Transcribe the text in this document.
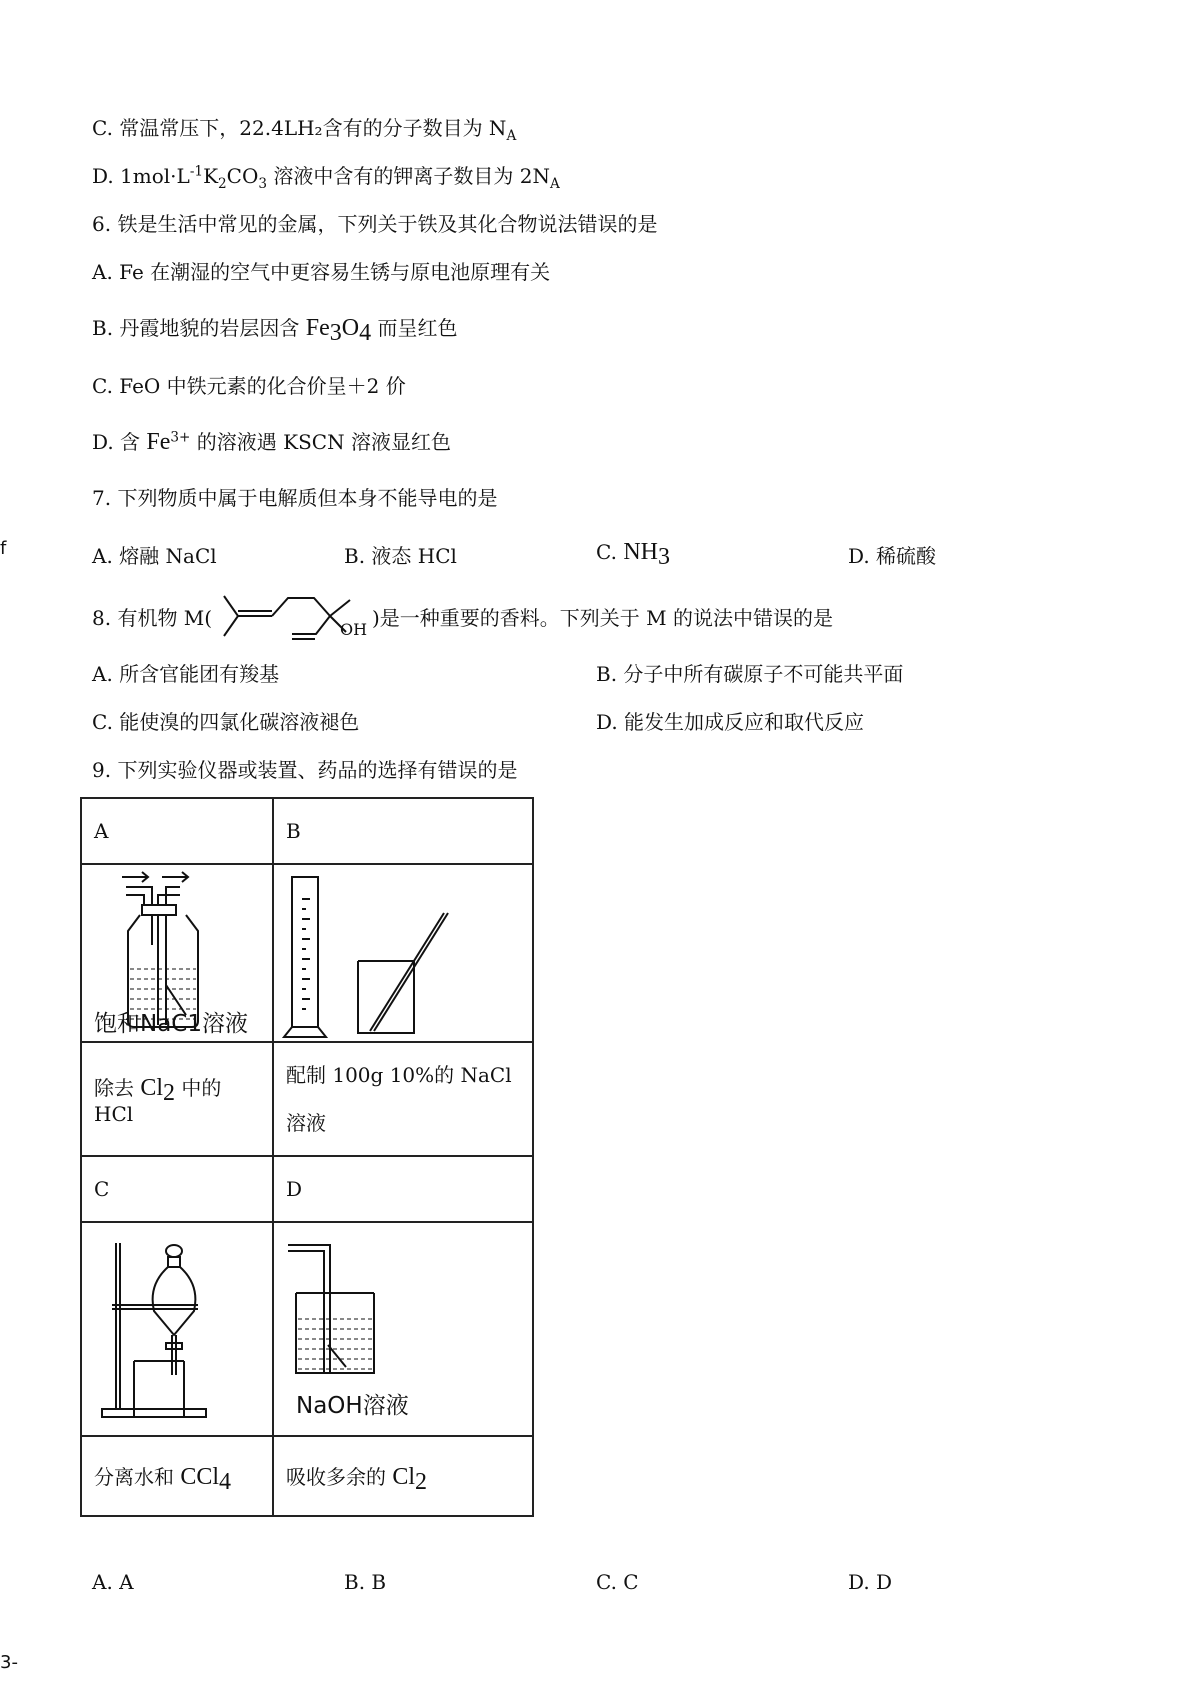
C. 常温常压下，22.4LH₂含有的分子数目为 $N_A$
D. $1mol\cdot L^{-1}K_2CO_3$ 溶液中含有的钾离子数目为 $2N_A$
6. 铁是生活中常见的金属，下列关于铁及其化合物说法错误的是
A. Fe 在潮湿的空气中更容易生锈与原电池原理有关
B. 丹霞地貌的岩层因含 $Fe_3O_4$ 而呈红色
C. FeO 中铁元素的化合价呈＋2 价
D. 含 $Fe^{3+}$ 的溶液遇 KSCN 溶液显红色
7. 下列物质中属于电解质但本身不能导电的是
A. 熔融 NaCl	B. 液态 HCl	C. $NH_3$	D. 稀硫酸
8. 有机物 M(	OH )是一种重要的香料。下列关于 M 的说法中错误的是
A. 所含官能团有羧基	B. 分子中所有碳原子不可能共平面
C. 能使溴的四氯化碳溶液褪色	D. 能发生加成反应和取代反应
9. 下列实验仪器或装置、药品的选择有错误的是
A	B

饱和NaC1溶液

除去 $Cl_2$ 中的 HCl	配制 100g 10%的 NaCl
溶液

C	D

NaOH溶液

分离水和 CCl$_4$	吸收多余的 $Cl_2$
A. A	B. B	C. C	D. D
f
3-
